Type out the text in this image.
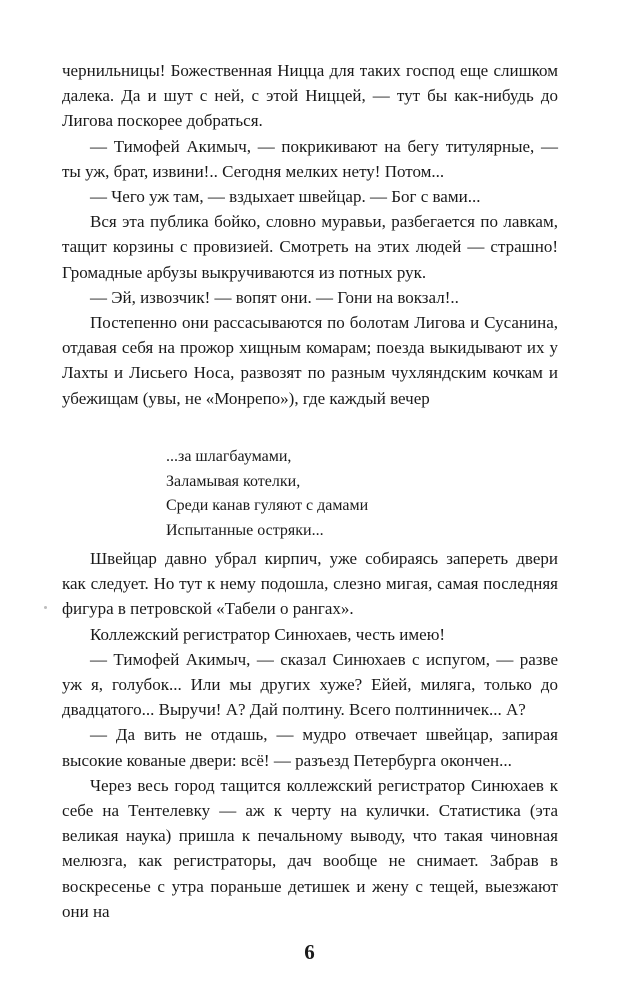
чернильницы! Божественная Ницца для таких господ еще слишком далека. Да и шут с ней, с этой Ниццей, — тут бы как-нибудь до Лигова поскорее добраться.

— Тимофей Акимыч, — покрикивают на бегу титулярные, — ты уж, брат, извини!.. Сегодня мелких нету! Потом...

— Чего уж там, — вздыхает швейцар. — Бог с вами...

Вся эта публика бойко, словно муравьи, разбегается по лавкам, тащит корзины с провизией. Смотреть на этих людей — страшно! Громадные арбузы выкручиваются из потных рук.

— Эй, извозчик! — вопят они. — Гони на вокзал!..

Постепенно они рассасываются по болотам Лигова и Сусанина, отдавая себя на прожор хищным комарам; поезда выкидывают их у Лахты и Лисьего Носа, развозят по разным чухляндским кочкам и убежищам (увы, не «Монрепо»), где каждый вечер

...за шлагбаумами,
Заламывая котелки,
Среди канав гуляют с дамами
Испытанные остряки...

Швейцар давно убрал кирпич, уже собираясь запереть двери как следует. Но тут к нему подошла, слезно мигая, самая последняя фигура в петровской «Табели о рангах».

Коллежский регистратор Синюхаев, честь имею!

— Тимофей Акимыч, — сказал Синюхаев с испугом, — разве уж я, голубок... Или мы других хуже? Ейей, миляга, только до двадцатого... Выручи! А? Дай полтину. Всего полтинничек... А?

— Да вить не отдашь, — мудро отвечает швейцар, запирая высокие кованые двери: всё! — разъезд Петербурга окончен...

Через весь город тащится коллежский регистратор Синюхаев к себе на Тентелевку — аж к черту на кулички. Статистика (эта великая наука) пришла к печальному выводу, что такая чиновная мелюзга, как регистраторы, дач вообще не снимает. Забрав в воскресенье с утра пораньше детишек и жену с тещей, выезжают они на

6
